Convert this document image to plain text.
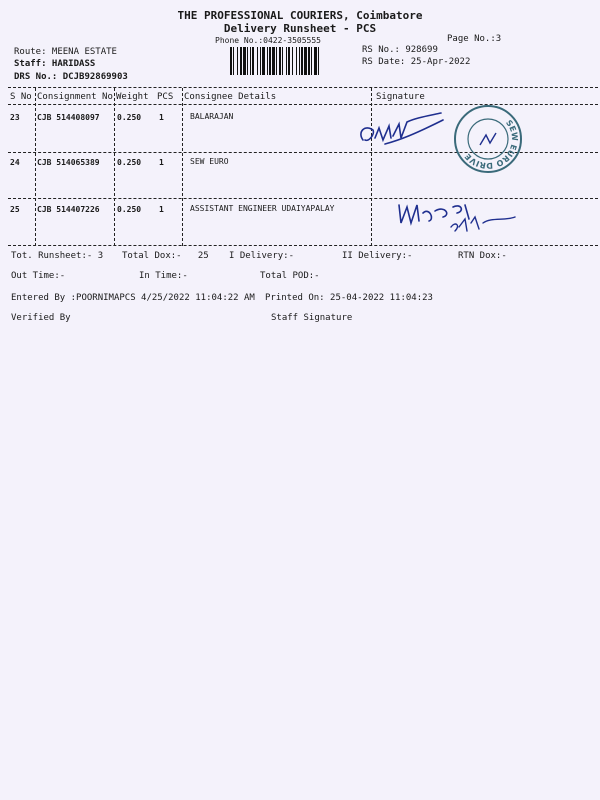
THE PROFESSIONAL COURIERS, Coimbatore
Delivery Runsheet - PCS
Phone No.:0422-3505555	Page No.:3
Route: MEENA ESTATE
Staff: HARIDASS
DRS No.: DCJB92869903
RS No.: 928699
RS Date: 25-Apr-2022
S No Consignment No Weight PCS Consignee Details	Signature
23 CJB 514408097 0.250 1	BALARAJAN
24 CJB 514065389 0.250 1	SEW EURO
25 CJB 514407226 0.250 1	ASSISTANT ENGINEER UDAIYAPALAY
SEW EURO DRIVE
Tot. Runsheet:- 3 Total Dox:-   25 I Delivery:-	II Delivery:-	RTN Dox:-
Out Time:-	In Time:-	Total POD:-
Entered By :POORNIMAPCS 4/25/2022 11:04:22 AM Printed On: 25-04-2022 11:04:23
Verified By	Staff Signature
